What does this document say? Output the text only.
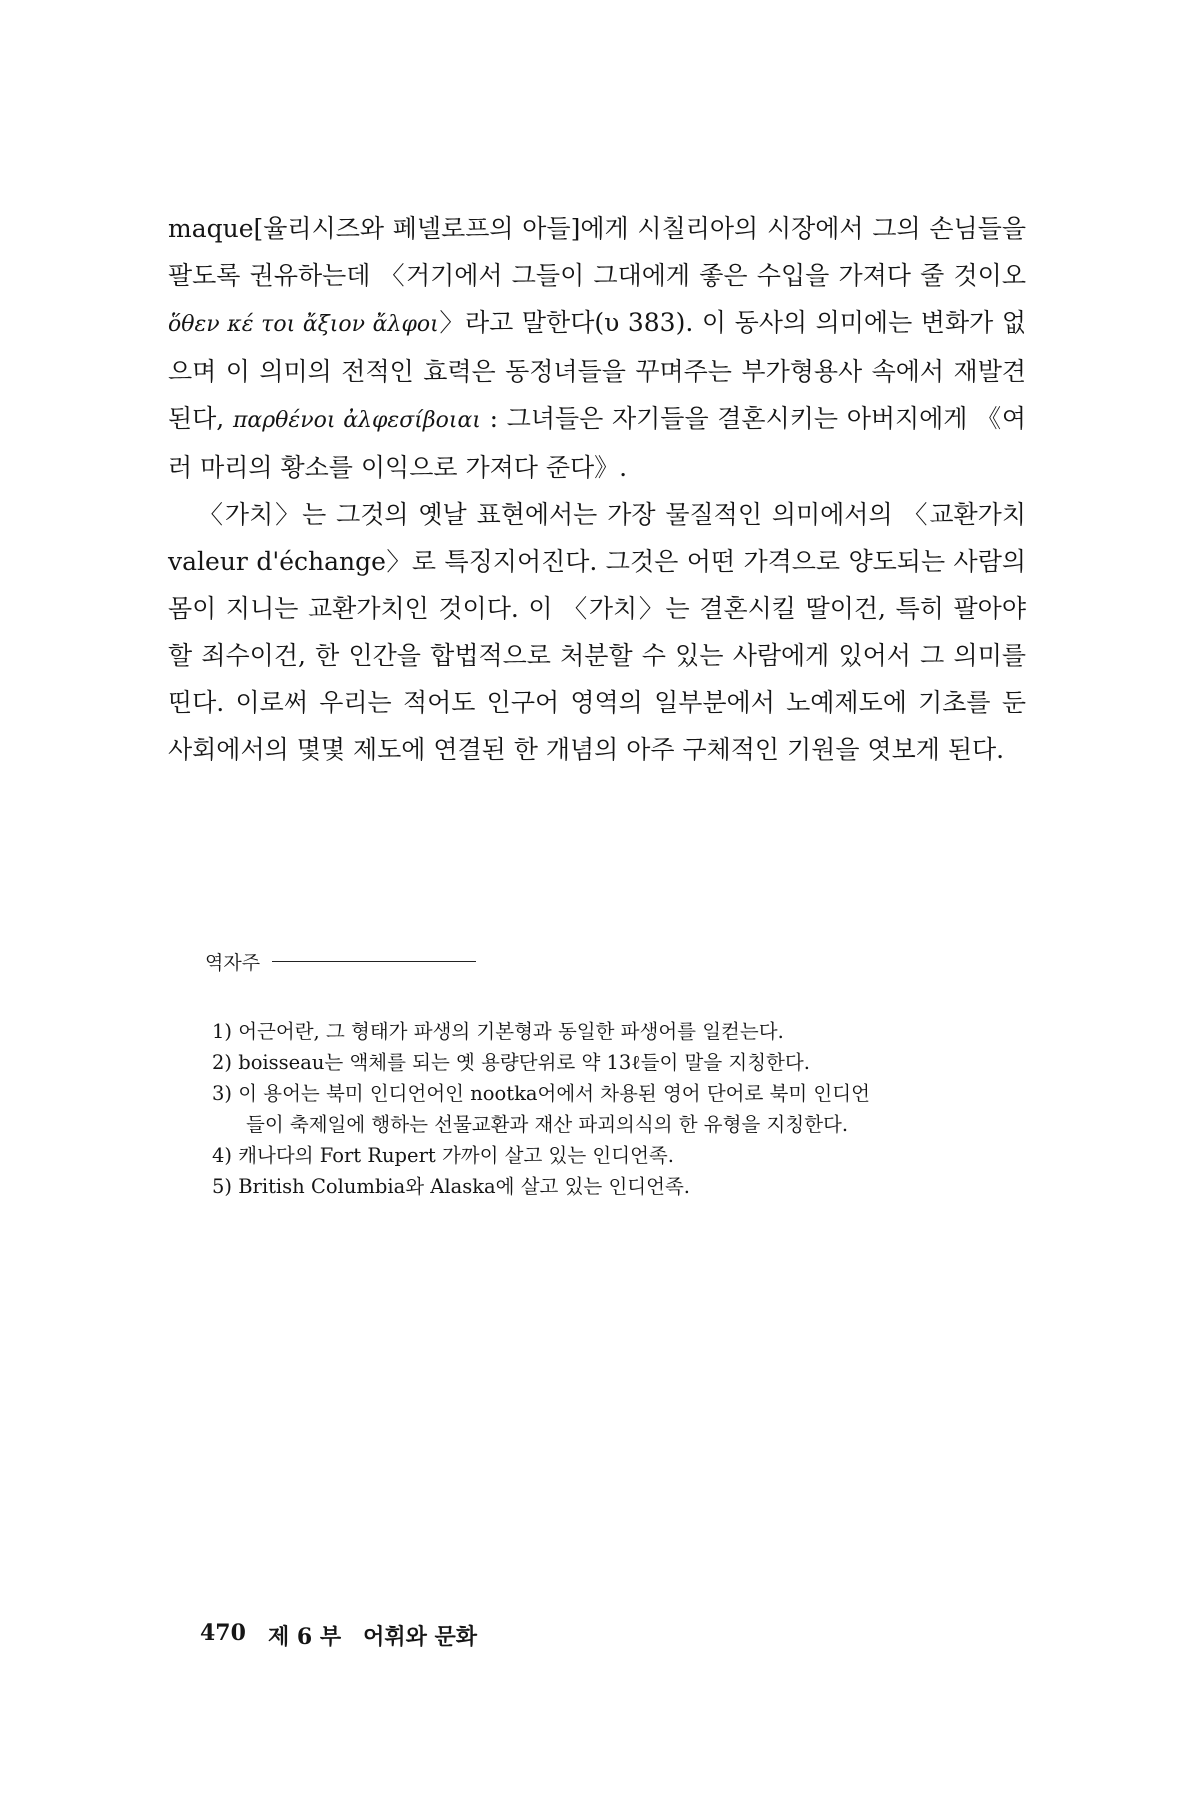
maque[율리시즈와 페넬로프의 아들]에게 시칠리아의 시장에서 그의 손님들을 팔도록 권유하는데 〈거기에서 그들이 그대에게 좋은 수입을 가져다 줄 것이오 ὅθεν κέ τοι ἄξιον ἄλφοι〉라고 말한다(υ 383). 이 동사의 의미에는 변화가 없으며 이 의미의 전적인 효력은 동정녀들을 꾸며주는 부가형용사 속에서 재발견된다, παρθένοι ἀλφεσίβοιαι : 그녀들은 자기들을 결혼시키는 아버지에게 《여러 마리의 황소를 이익으로 가져다 준다》.

〈가치〉는 그것의 옛날 표현에서는 가장 물질적인 의미에서의 〈교환가치 valeur d'échange〉로 특징지어진다. 그것은 어떤 가격으로 양도되는 사람의 몸이 지니는 교환가치인 것이다. 이 〈가치〉는 결혼시킬 딸이건, 특히 팔아야 할 죄수이건, 한 인간을 합법적으로 처분할 수 있는 사람에게 있어서 그 의미를 띤다. 이로써 우리는 적어도 인구어 영역의 일부분에서 노예제도에 기초를 둔 사회에서의 몇몇 제도에 연결된 한 개념의 아주 구체적인 기원을 엿보게 된다.

역자주

1) 어근어란, 그 형태가 파생의 기본형과 동일한 파생어를 일컫는다.

2) boisseau는 액체를 되는 옛 용량단위로 약 13ℓ들이 말을 지칭한다.

3) 이 용어는 북미 인디언어인 nootka어에서 차용된 영어 단어로 북미 인디언

들이 축제일에 행하는 선물교환과 재산 파괴의식의 한 유형을 지칭한다.

4) 캐나다의 Fort Rupert 가까이 살고 있는 인디언족.

5) British Columbia와 Alaska에 살고 있는 인디언족.

470 제 6 부 어휘와 문화
